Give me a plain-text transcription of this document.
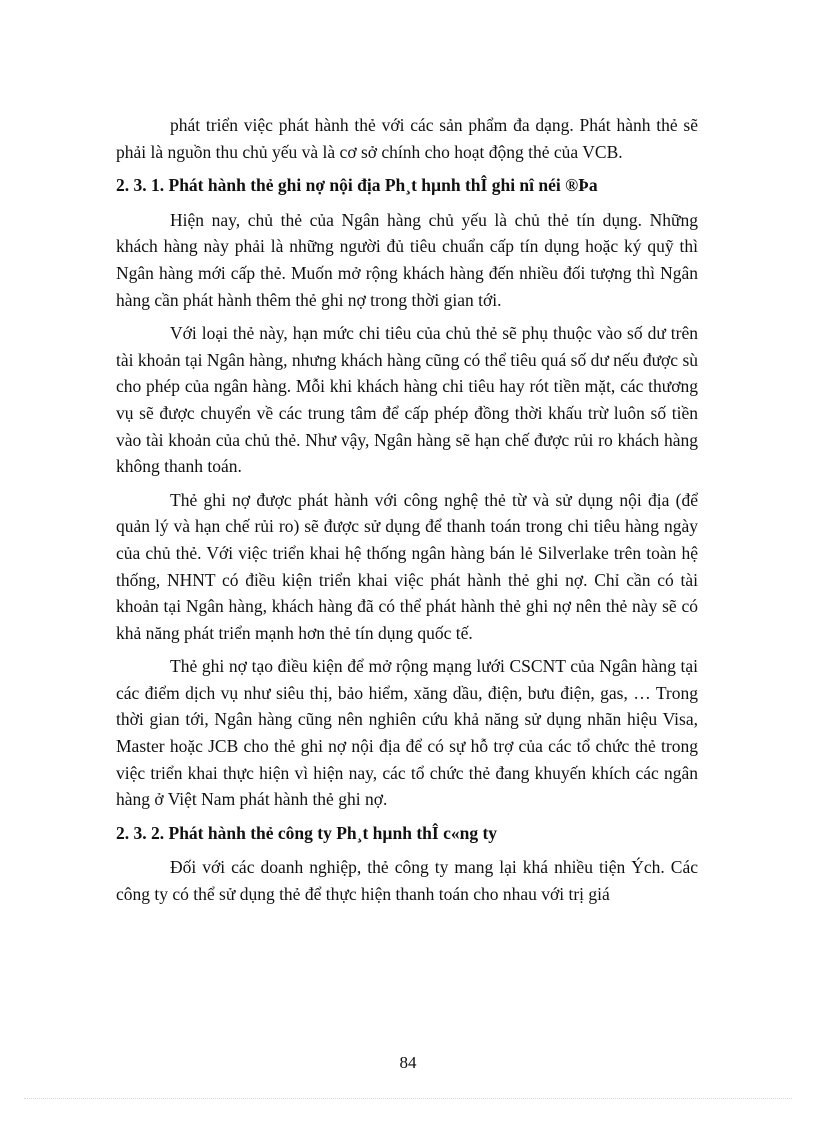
phát triển việc phát hành thẻ với các sản phẩm đa dạng. Phát hành thẻ sẽ phải là nguồn thu chủ yếu và là cơ sở chính cho hoạt động thẻ của VCB.

2. 3. 1. Phát hành thẻ ghi nợ nội địa Ph¸t hµnh thÎ ghi nî néi ®Þa

Hiện nay, chủ thẻ của Ngân hàng chủ yếu là chủ thẻ tín dụng. Những khách hàng này phải là những người đủ tiêu chuẩn cấp tín dụng hoặc ký quỹ thì Ngân hàng mới cấp thẻ. Muốn mở rộng khách hàng đến nhiều đối tượng thì Ngân hàng cần phát hành thêm thẻ ghi nợ trong thời gian tới.

Với loại thẻ này, hạn mức chi tiêu của chủ thẻ sẽ phụ thuộc vào số dư trên tài khoản tại Ngân hàng, nhưng khách hàng cũng có thể tiêu quá số dư nếu được sù cho phép của ngân hàng. Mỗi khi khách hàng chi tiêu hay rót tiền mặt, các thương vụ sẽ được chuyển về các trung tâm để cấp phép đồng thời khấu trừ luôn số tiền vào tài khoản của chủ thẻ. Như vậy, Ngân hàng sẽ hạn chế được rủi ro khách hàng không thanh toán.

Thẻ ghi nợ được phát hành với công nghệ thẻ từ và sử dụng nội địa (để quản lý và hạn chế rủi ro) sẽ được sử dụng để thanh toán trong chi tiêu hàng ngày của chủ thẻ. Với việc triển khai hệ thống ngân hàng bán lẻ Silverlake trên toàn hệ thống, NHNT có điều kiện triển khai việc phát hành thẻ ghi nợ. Chỉ cần có tài khoản tại Ngân hàng, khách hàng đã có thể phát hành thẻ ghi nợ nên thẻ này sẽ có khả năng phát triển mạnh hơn thẻ tín dụng quốc tế.

Thẻ ghi nợ tạo điều kiện để mở rộng mạng lưới CSCNT của Ngân hàng tại các điểm dịch vụ như siêu thị, bảo hiểm, xăng dầu, điện, bưu điện, gas, … Trong thời gian tới, Ngân hàng cũng nên nghiên cứu khả năng sử dụng nhãn hiệu Visa, Master hoặc JCB cho thẻ ghi nợ nội địa để có sự hỗ trợ của các tổ chức thẻ trong việc triển khai thực hiện vì hiện nay, các tổ chức thẻ đang khuyến khích các ngân hàng ở Việt Nam phát hành thẻ ghi nợ.

2. 3. 2. Phát hành thẻ công ty Ph¸t hµnh thÎ c«ng ty

Đối với các doanh nghiệp, thẻ công ty mang lại khá nhiều tiện Ých. Các công ty có thể sử dụng thẻ để thực hiện thanh toán cho nhau với trị giá

84
